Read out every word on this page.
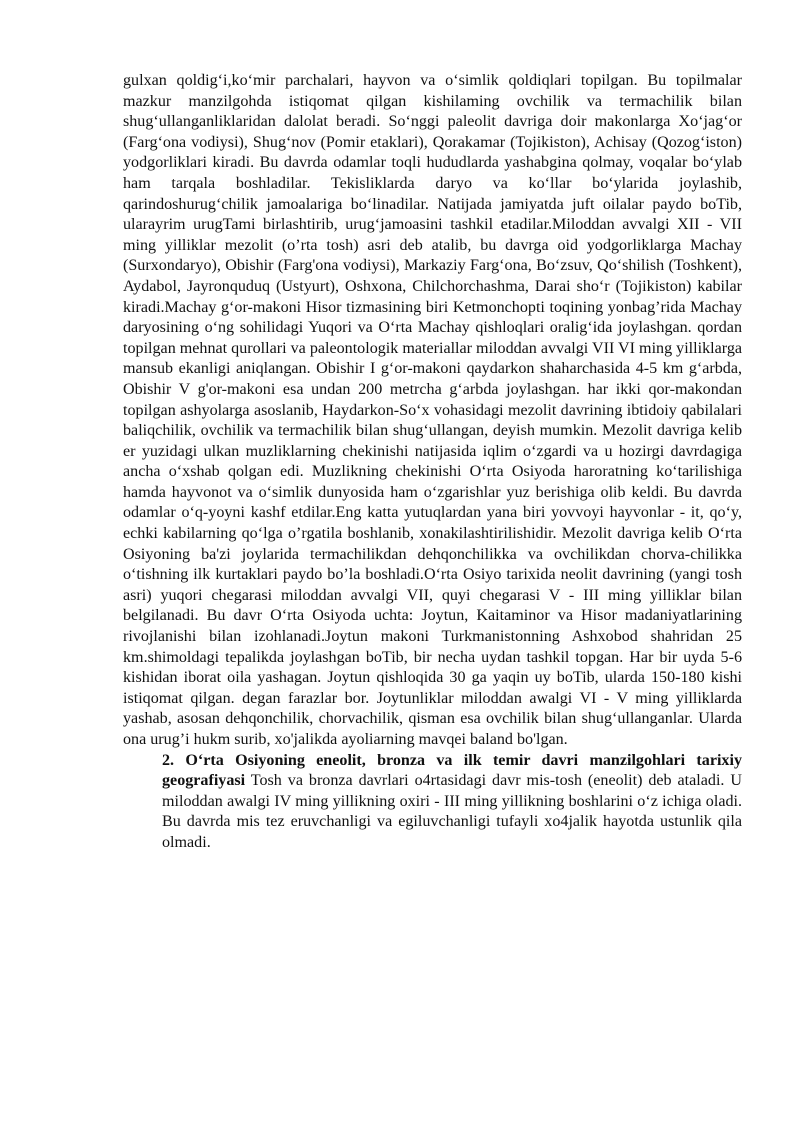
gulxan qoldig‘i,ko‘mir parchalari, hayvon va o‘simlik qoldiqlari topilgan. Bu topilmalar mazkur manzilgohda istiqomat qilgan kishilaming ovchilik va termachilik bilan shug‘ullanganliklaridan dalolat beradi. So‘nggi paleolit davriga doir makonlarga Xo‘jag‘or (Farg‘ona vodiysi), Shug‘nov (Pomir etaklari), Qorakamar (Tojikiston), Achisay (Qozog‘iston) yodgorliklari kiradi. Bu davrda odamlar toqli hududlarda yashabgina qolmay, voqalar bo‘ylab ham tarqala boshladilar. Tekisliklarda daryo va ko‘llar bo‘ylarida joylashib, qarindoshurug‘chilik jamoalariga bo‘linadilar. Natijada jamiyatda juft oilalar paydo boTib, ularayrim urugTami birlashtirib, urug‘jamoasini tashkil etadilar.Miloddan avvalgi XII - VII ming yilliklar mezolit (o’rta tosh) asri deb atalib, bu davrga oid yodgorliklarga Machay (Surxondaryo), Obishir (Farg'ona vodiysi), Markaziy Farg‘ona, Bo‘zsuv, Qo‘shilish (Toshkent), Aydabol, Jayronquduq (Ustyurt), Oshxona, Chilchorchashma, Darai sho‘r (Tojikiston) kabilar kiradi.Machay g‘or-makoni Hisor tizmasining biri Ketmonchopti toqining yonbag’rida Machay daryosining o‘ng sohilidagi Yuqori va O‘rta Machay qishloqlari oralig‘ida joylashgan. qordan topilgan mehnat qurollari va paleontologik materiallar miloddan avvalgi VII VI ming yilliklarga mansub ekanligi aniqlangan. Obishir I g‘or-makoni qaydarkon shaharchasida 4-5 km g‘arbda, Obishir V g'or-makoni esa undan 200 metrcha g‘arbda joylashgan. har ikki qor-makondan topilgan ashyolarga asoslanib, Haydarkon-So‘x vohasidagi mezolit davrining ibtidoiy qabilalari baliqchilik, ovchilik va termachilik bilan shug‘ullangan, deyish mumkin. Mezolit davriga kelib er yuzidagi ulkan muzliklarning chekinishi natijasida iqlim o‘zgardi va u hozirgi davrdagiga ancha o‘xshab qolgan edi. Muzlikning chekinishi O‘rta Osiyoda haroratning ko‘tarilishiga hamda hayvonot va o‘simlik dunyosida ham o‘zgarishlar yuz berishiga olib keldi. Bu davrda odamlar o‘q-yoyni kashf etdilar.Eng katta yutuqlardan yana biri yovvoyi hayvonlar - it, qo‘y, echki kabilarning qo‘lga o’rgatila boshlanib, xonakilashtirilishidir. Mezolit davriga kelib O‘rta Osiyoning ba'zi joylarida termachilikdan dehqonchilikka va ovchilikdan chorva-chilikka o‘tishning ilk kurtaklari paydo bo’la boshladi.O‘rta Osiyo tarixida neolit davrining (yangi tosh asri) yuqori chegarasi miloddan avvalgi VII, quyi chegarasi V - III ming yilliklar bilan belgilanadi. Bu davr O‘rta Osiyoda uchta: Joytun, Kaitaminor va Hisor madaniyatlarining rivojlanishi bilan izohlanadi.Joytun makoni Turkmanistonning Ashxobod shahridan 25 km.shimoldagi tepalikda joylashgan boTib, bir necha uydan tashkil topgan. Har bir uyda 5-6 kishidan iborat oila yashagan. Joytun qishloqida 30 ga yaqin uy boTib, ularda 150-180 kishi istiqomat qilgan. degan farazlar bor. Joytunliklar miloddan awalgi VI - V ming yilliklarda yashab, asosan dehqonchilik, chorvachilik, qisman esa ovchilik bilan shug‘ullanganlar. Ularda ona urug’i hukm surib, xo'jalikda ayoliarning mavqei baland bo'lgan.

2. O‘rta Osiyoning eneolit, bronza va ilk temir davri manzilgohlari tarixiy geografiyasi Tosh va bronza davrlari o4rtasidagi davr mis-tosh (eneolit) deb ataladi. U miloddan awalgi IV ming yillikning oxiri - III ming yillikning boshlarini o‘z ichiga oladi. Bu davrda mis tez eruvchanligi va egiluvchanligi tufayli xo4jalik hayotda ustunlik qila olmadi.
